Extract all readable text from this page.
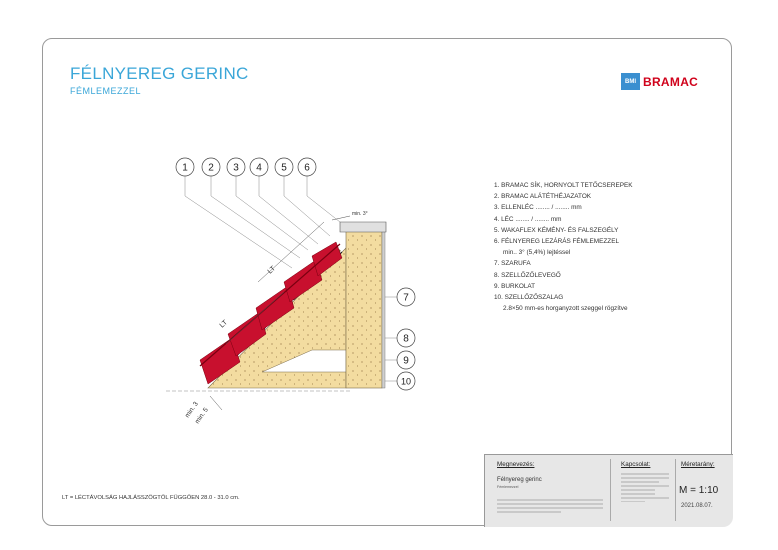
FÉLNYEREG GERINC
FÉMLEMEZZEL
BMI BRAMAC
LT
LT
min. 3°
min. 3
min. 5
1 2 3 4 5 6
7
8
9
10
1. BRAMAC SÍK, HORNYOLT TETŐCSEREPEK
2. BRAMAC ALÁTÉTHÉJAZATOK
3. ELLENLÉC ........ / ........ mm
4. LÉC ........ / ........ mm
5. WAKAFLEX KÉMÉNY- ÉS FALSZEGÉLY
6. FÉLNYEREG LEZÁRÁS FÉMLEMEZZEL
min.. 3° (5,4%) lejtéssel
7. SZARUFA
8. SZELLŐZŐLEVEGŐ
9. BURKOLAT
10. SZELLŐZŐSZALAG
2.8×50 mm-es horganyzott szeggel rögzítve
LT = LÉCTÁVOLSÁG HAJLÁSSZÖGTŐL FÜGGŐEN 28.0 - 31.0 cm.
Megnevezés:
Félnyereg gerinc
Fémlemezzel
Kapcsolat:	Méretarány:
M = 1:10
2021.08.07.
